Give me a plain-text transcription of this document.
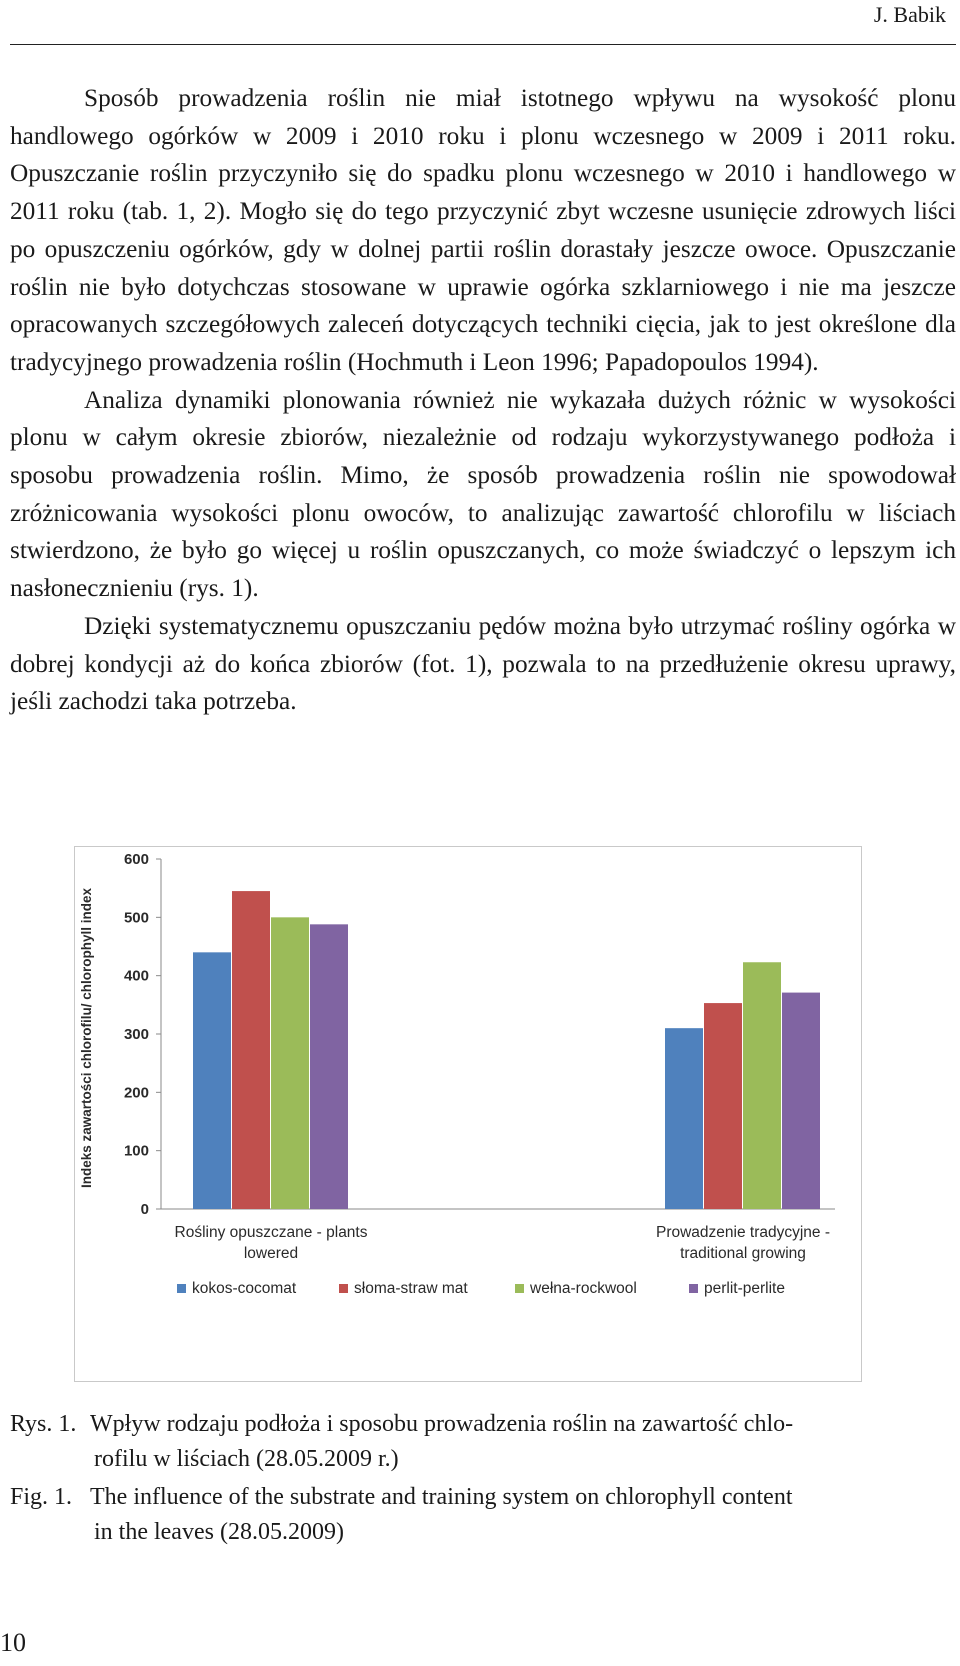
J. Babik

Sposób prowadzenia roślin nie miał istotnego wpływu na wysokość plonu handlowego ogórków w 2009 i 2010 roku i plonu wczesnego w 2009 i 2011 roku. Opuszczanie roślin przyczyniło się do spadku plonu wczesnego w 2010 i handlowego w 2011 roku (tab. 1, 2). Mogło się do tego przyczynić zbyt wczesne usunięcie zdrowych liści po opuszczeniu ogórków, gdy w dolnej partii roślin dorastały jeszcze owoce. Opuszczanie roślin nie było dotychczas stosowane w uprawie ogórka szklarniowego i nie ma jeszcze opracowanych szczegółowych zaleceń dotyczących techniki cięcia, jak to jest określone dla tradycyjnego prowadzenia roślin (Hochmuth i Leon 1996; Papadopoulos 1994).

Analiza dynamiki plonowania również nie wykazała dużych różnic w wysokości plonu w całym okresie zbiorów, niezależnie od rodzaju wykorzystywanego podłoża i sposobu prowadzenia roślin. Mimo, że sposób prowadzenia roślin nie spowodował zróżnicowania wysokości plonu owoców, to analizując zawartość chlorofilu w liściach stwierdzono, że było go więcej u roślin opuszczanych, co może świadczyć o lepszym ich nasłonecznieniu (rys. 1).

Dzięki systematycznemu opuszczaniu pędów można było utrzymać rośliny ogórka w dobrej kondycji aż do końca zbiorów (fot. 1), pozwala to na przedłużenie okresu uprawy, jeśli zachodzi taka potrzeba.

0
100
200
300
400
500
600
Indeks zawartości chlorofilu/ chlorophyll index
Rośliny opuszczane - plants
lowered
Prowadzenie tradycyjne -
traditional growing
kokos-cocomat	słoma-straw mat	wełna-rockwool	perlit-perlite
Rys. 1. Wpływ rodzaju podłoża i sposobu prowadzenia roślin na zawartość chlo-
rofilu w liściach (28.05.2009 r.)
Fig. 1. The influence of the substrate and training system on chlorophyll content
in the leaves (28.05.2009)
10
